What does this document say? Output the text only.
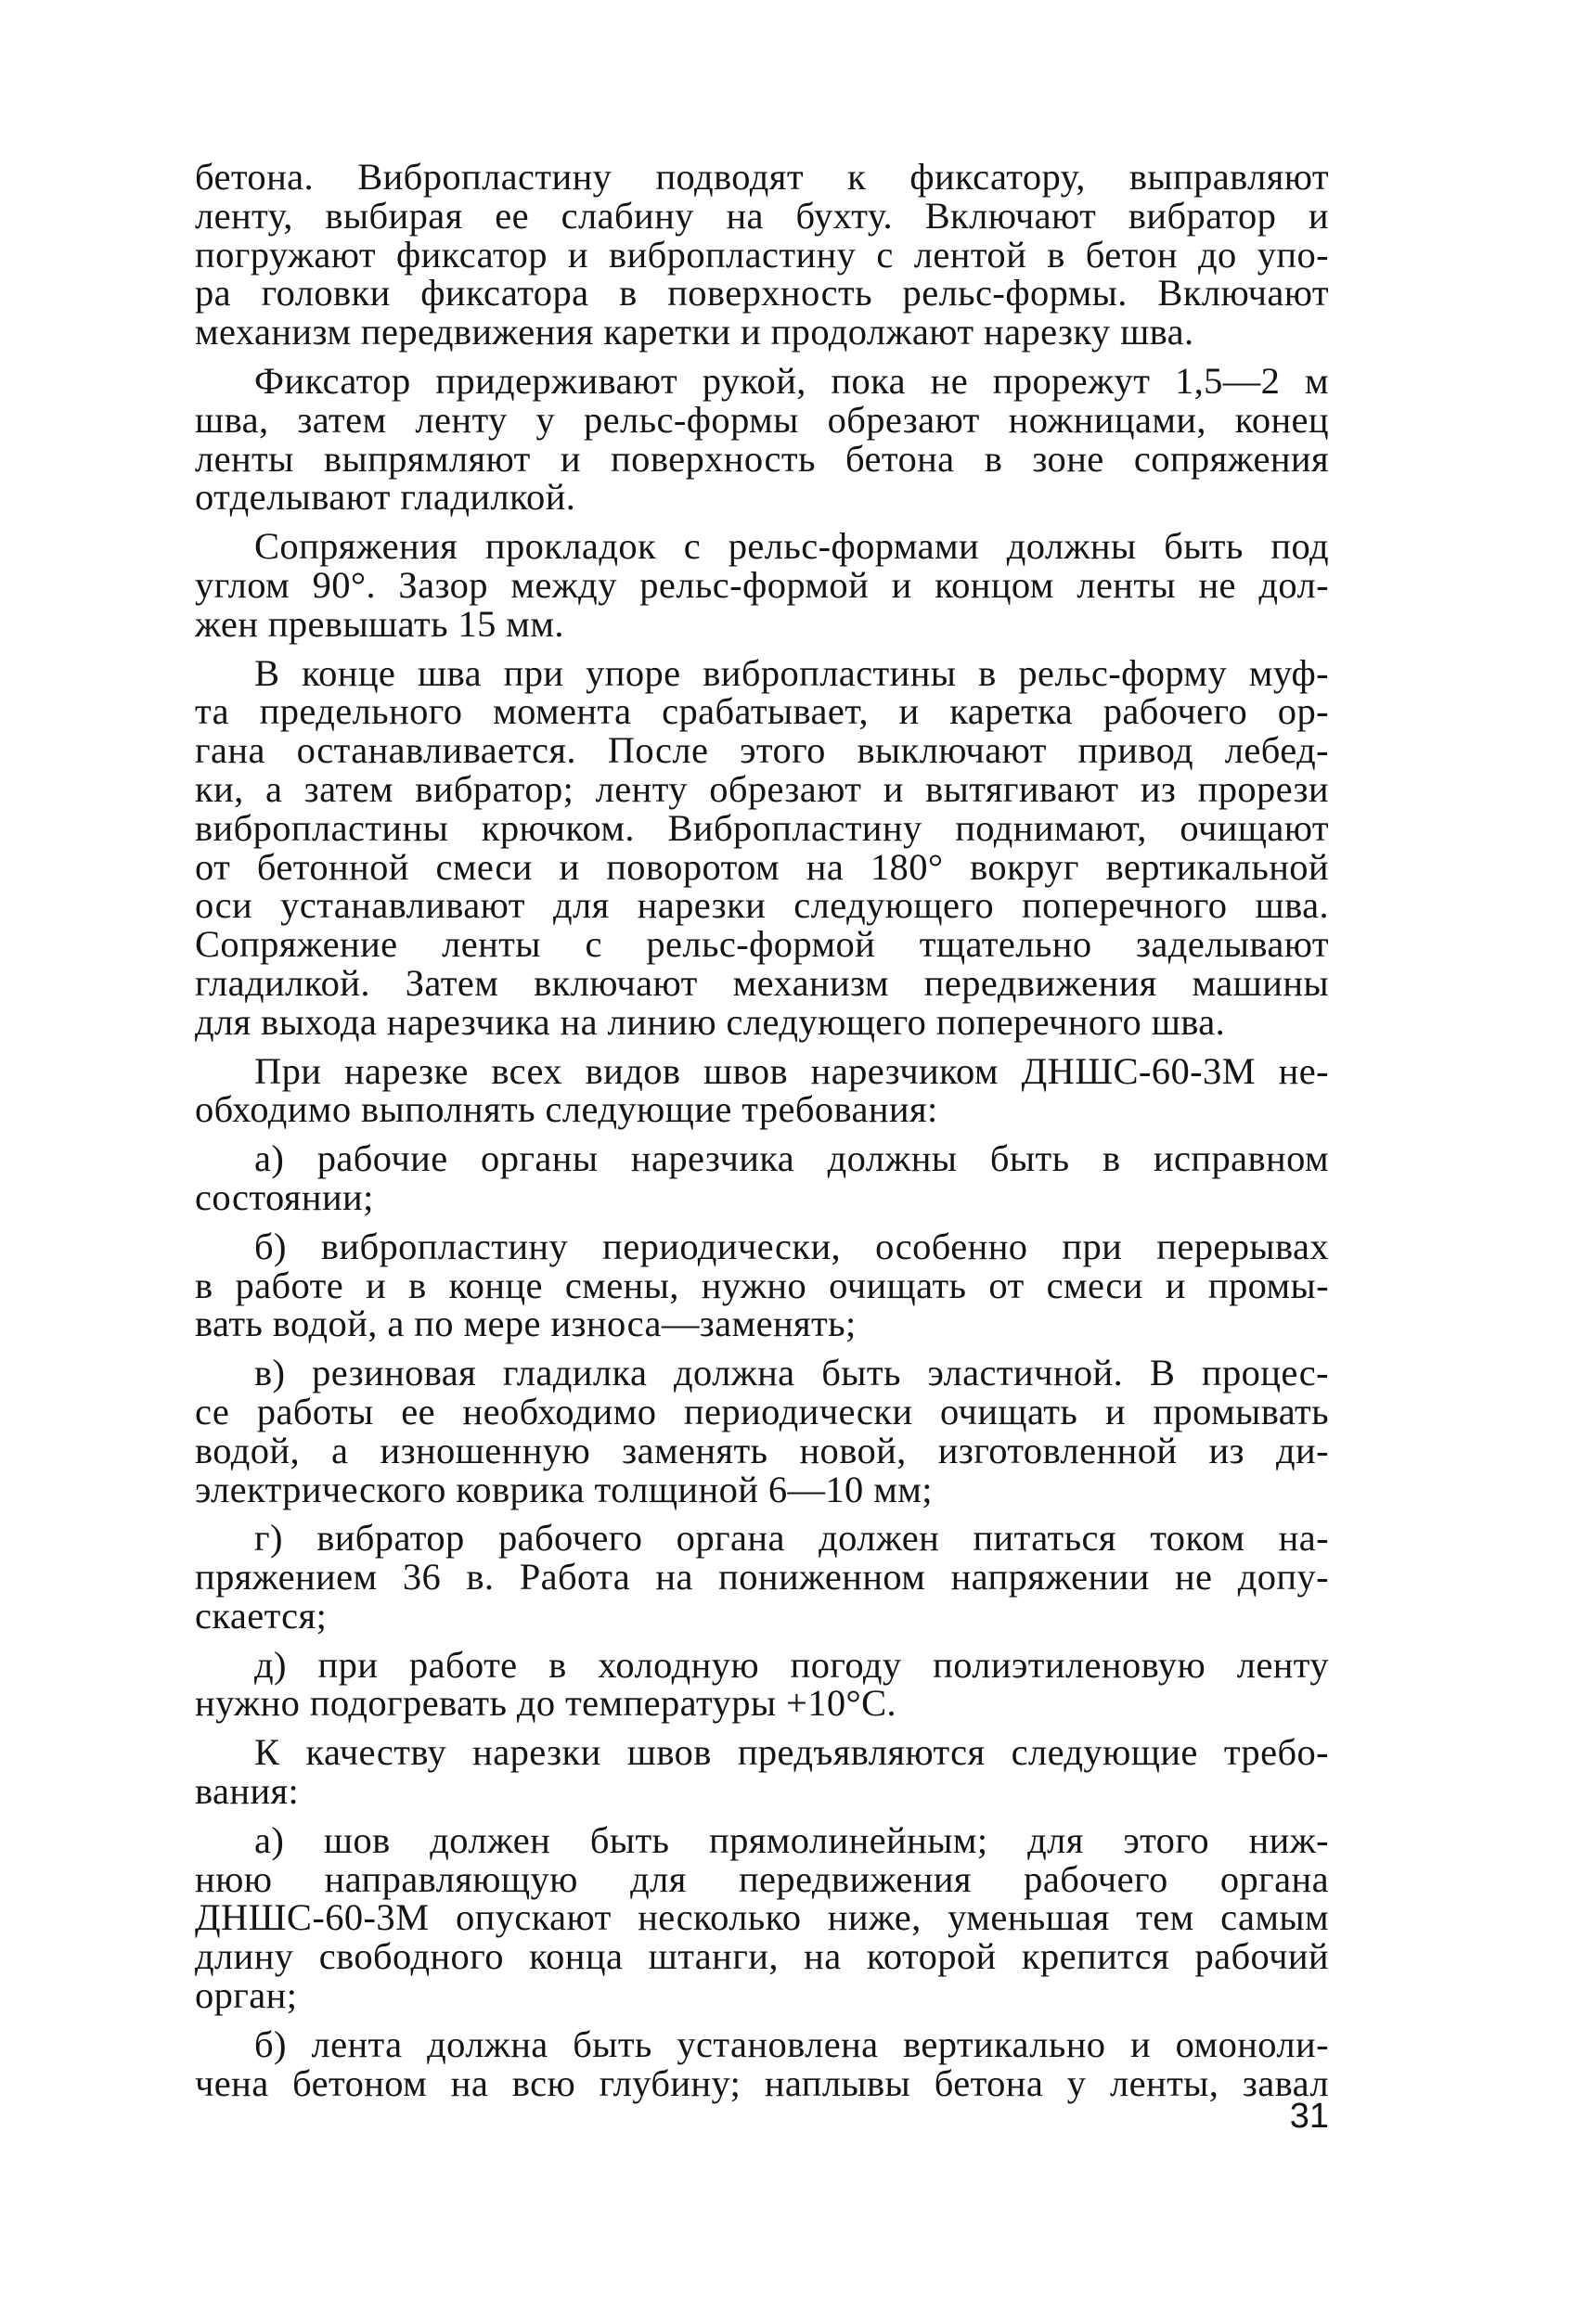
бетона. Вибропластину подводят к фиксатору, выправляют
ленту, выбирая ее слабину на бухту. Включают вибратор и
погружают фиксатор и вибропластину с лентой в бетон до упо-
ра головки фиксатора в поверхность рельс-формы. Включают
механизм передвижения каретки и продолжают нарезку шва.
Фиксатор придерживают рукой, пока не прорежут 1,5—2 м
шва, затем ленту у рельс-формы обрезают ножницами, конец
ленты выпрямляют и поверхность бетона в зоне сопряжения
отделывают гладилкой.
Сопряжения прокладок с рельс-формами должны быть под
углом 90°. Зазор между рельс-формой и концом ленты не дол-
жен превышать 15 мм.
В конце шва при упоре вибропластины в рельс-форму муф-
та предельного момента срабатывает, и каретка рабочего ор-
гана останавливается. После этого выключают привод лебед-
ки, а затем вибратор; ленту обрезают и вытягивают из прорези
вибропластины крючком. Вибропластину поднимают, очищают
от бетонной смеси и поворотом на 180° вокруг вертикальной
оси устанавливают для нарезки следующего поперечного шва.
Сопряжение ленты с рельс-формой тщательно заделывают
гладилкой. Затем включают механизм передвижения машины
для выхода нарезчика на линию следующего поперечного шва.
При нарезке всех видов швов нарезчиком ДНШС-60-3М не-
обходимо выполнять следующие требования:
а) рабочие органы нарезчика должны быть в исправном
состоянии;
б) вибропластину периодически, особенно при перерывах
в работе и в конце смены, нужно очищать от смеси и промы-
вать водой, а по мере износа—заменять;
в) резиновая гладилка должна быть эластичной. В процес-
се работы ее необходимо периодически очищать и промывать
водой, а изношенную заменять новой, изготовленной из ди-
электрического коврика толщиной 6—10 мм;
г) вибратор рабочего органа должен питаться током на-
пряжением 36 в. Работа на пониженном напряжении не допу-
скается;
д) при работе в холодную погоду полиэтиленовую ленту
нужно подогревать до температуры +10°С.
К качеству нарезки швов предъявляются следующие требо-
вания:
а) шов должен быть прямолинейным; для этого ниж-
нюю направляющую для передвижения рабочего органа
ДНШС-60-3М опускают несколько ниже, уменьшая тем самым
длину свободного конца штанги, на которой крепится рабочий
орган;
б) лента должна быть установлена вертикально и омоноли-
чена бетоном на всю глубину; наплывы бетона у ленты, завал
31
